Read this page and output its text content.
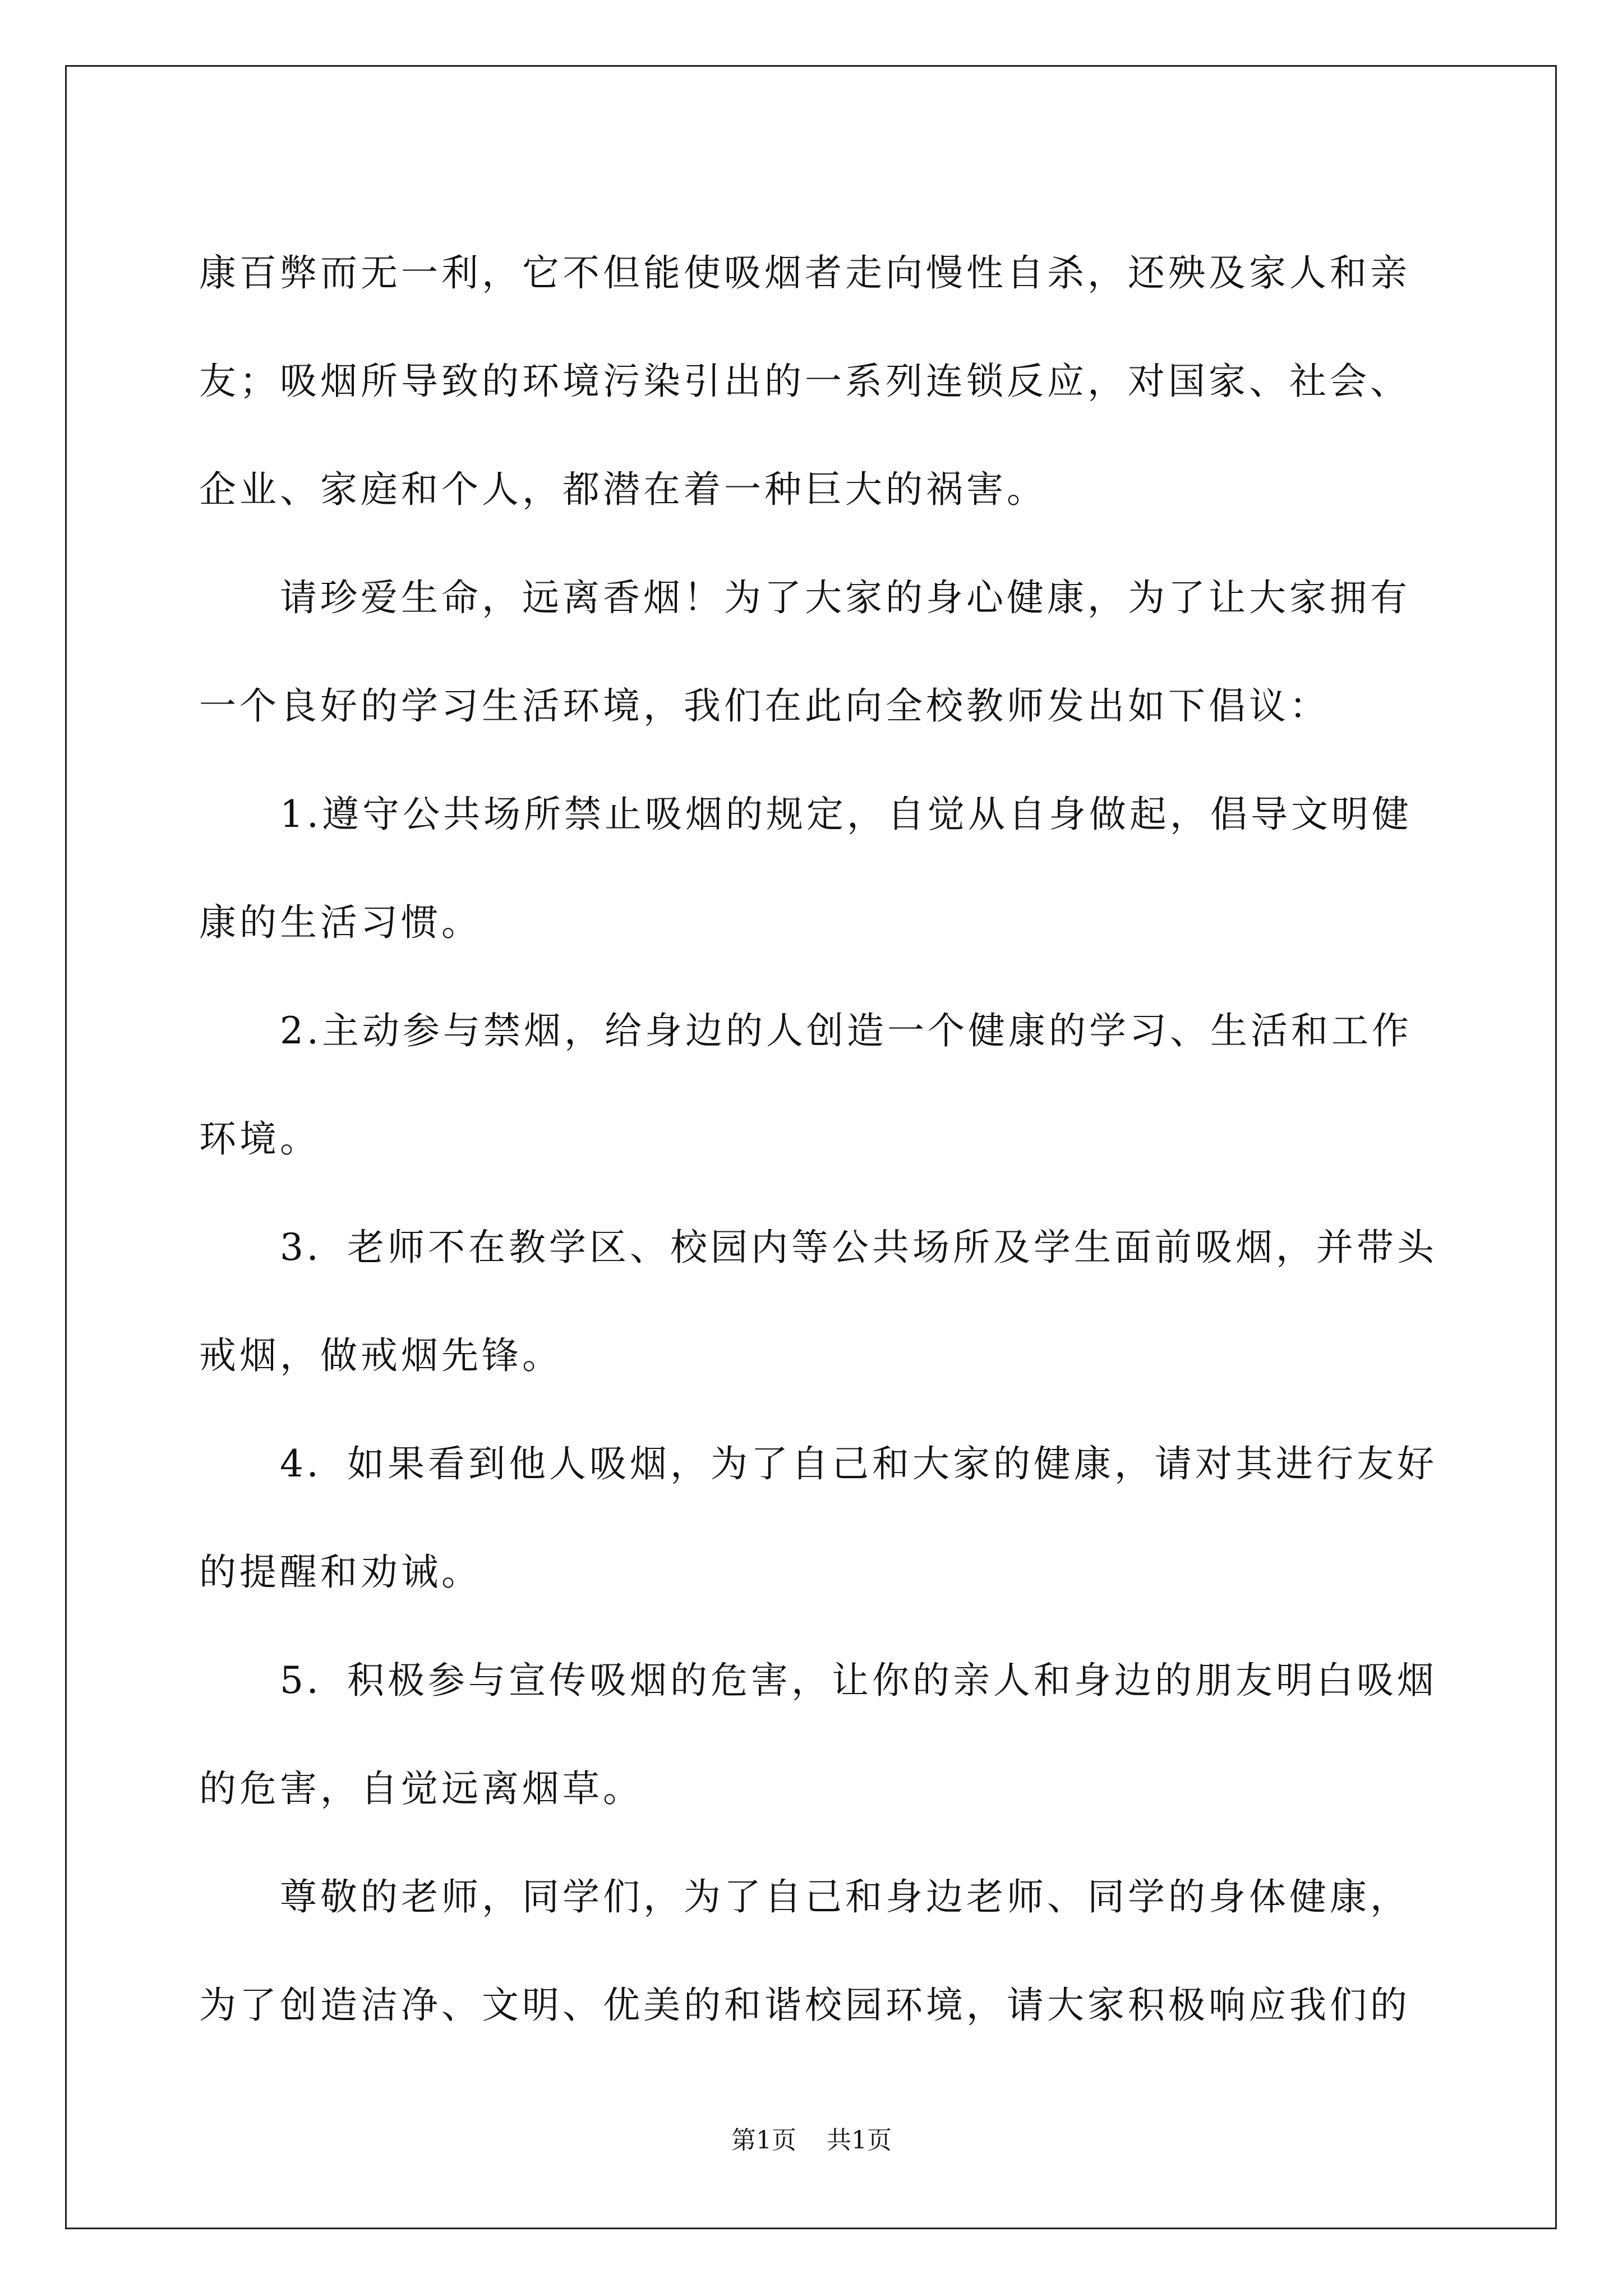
康百弊而无一利，它不但能使吸烟者走向慢性自杀，还殃及家人和亲
友；吸烟所导致的环境污染引出的一系列连锁反应，对国家、社会、
企业、家庭和个人，都潜在着一种巨大的祸害。

请珍爱生命，远离香烟！为了大家的身心健康，为了让大家拥有
一个良好的学习生活环境，我们在此向全校教师发出如下倡议：

1.遵守公共场所禁止吸烟的规定，自觉从自身做起，倡导文明健
康的生活习惯。

2.主动参与禁烟，给身边的人创造一个健康的学习、生活和工作
环境。

3．老师不在教学区、校园内等公共场所及学生面前吸烟，并带头
戒烟，做戒烟先锋。

4．如果看到他人吸烟，为了自己和大家的健康，请对其进行友好
的提醒和劝诫。

5．积极参与宣传吸烟的危害，让你的亲人和身边的朋友明白吸烟
的危害，自觉远离烟草。

尊敬的老师，同学们，为了自己和身边老师、同学的身体健康，
为了创造洁净、文明、优美的和谐校园环境，请大家积极响应我们的

第1页 共1页
